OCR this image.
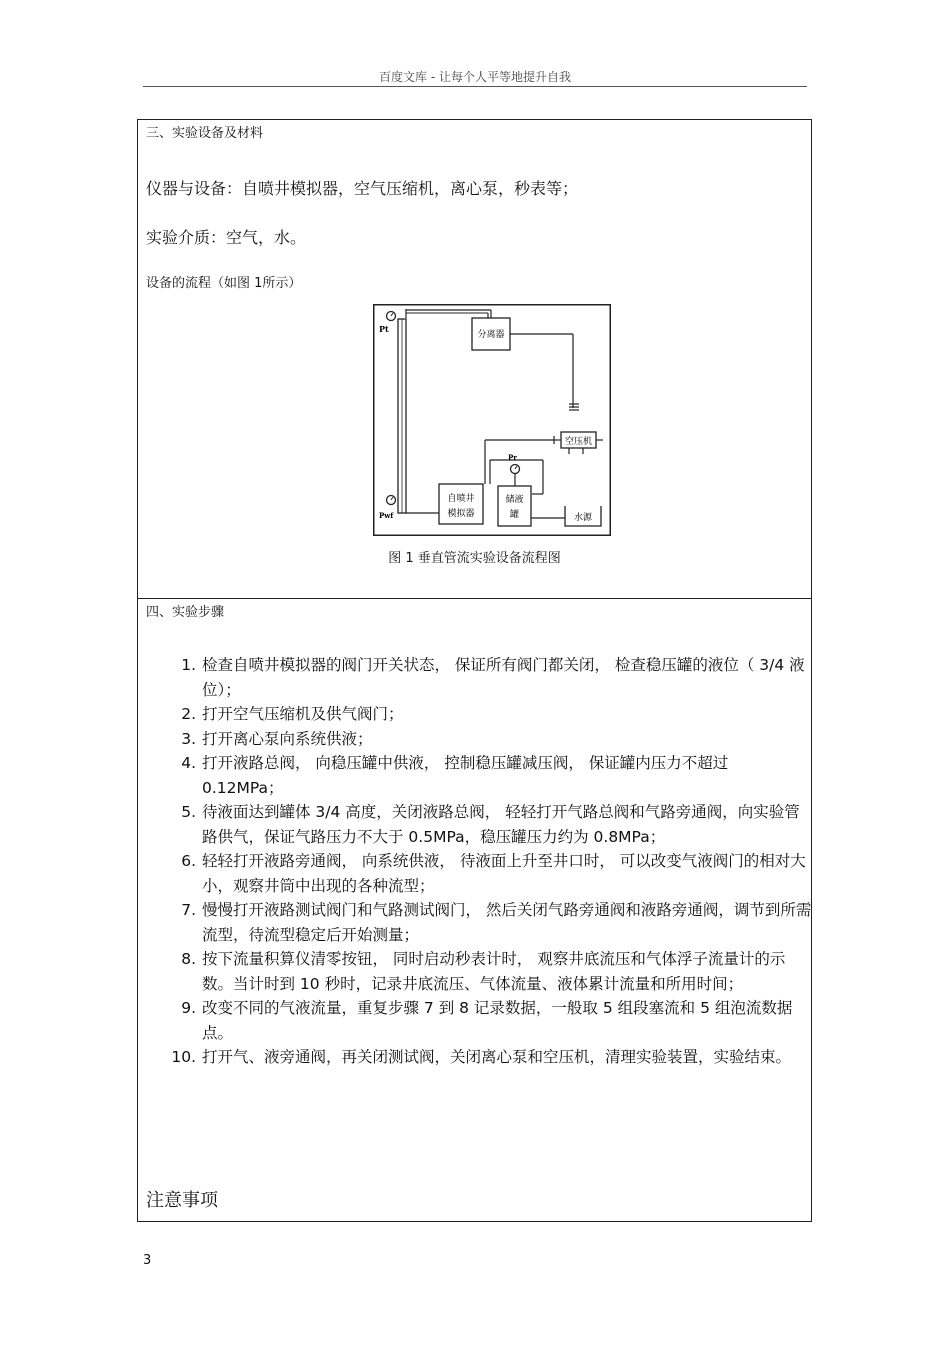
百度文库 - 让每个人平等地提升自我
三、实验设备及材料
仪器与设备：自喷井模拟器，空气压缩机，离心泵，秒表等；
实验介质：空气，水。
设备的流程（如图 1所示）
Pt
分离器
空压机
自喷井
模拟器
Pr
储液
罐	水源
Pwf
图 1 垂直管流实验设备流程图
四、实验步骤
1. 检查自喷井模拟器的阀门开关状态， 保证所有阀门都关闭， 检查稳压罐的液位（ 3/4 液位）；
2. 打开空气压缩机及供气阀门；
3. 打开离心泵向系统供液；
4. 打开液路总阀， 向稳压罐中供液， 控制稳压罐减压阀， 保证罐内压力不超过 0.12MPa；
5. 待液面达到罐体 3/4 高度，关闭液路总阀， 轻轻打开气路总阀和气路旁通阀，向实验管路供气，保证气路压力不大于 0.5MPa，稳压罐压力约为 0.8MPa；
6. 轻轻打开液路旁通阀， 向系统供液， 待液面上升至井口时， 可以改变气液阀门的相对大小，观察井筒中出现的各种流型；
7. 慢慢打开液路测试阀门和气路测试阀门， 然后关闭气路旁通阀和液路旁通阀，调节到所需流型，待流型稳定后开始测量；
8. 按下流量积算仪清零按钮， 同时启动秒表计时， 观察井底流压和气体浮子流量计的示数。当计时到 10 秒时，记录井底流压、气体流量、液体累计流量和所用时间；
9. 改变不同的气液流量，重复步骤 7 到 8 记录数据，一般取 5 组段塞流和 5 组泡流数据点。
10. 打开气、液旁通阀，再关闭测试阀，关闭离心泵和空压机，清理实验装置，实验结束。
注意事项
3
